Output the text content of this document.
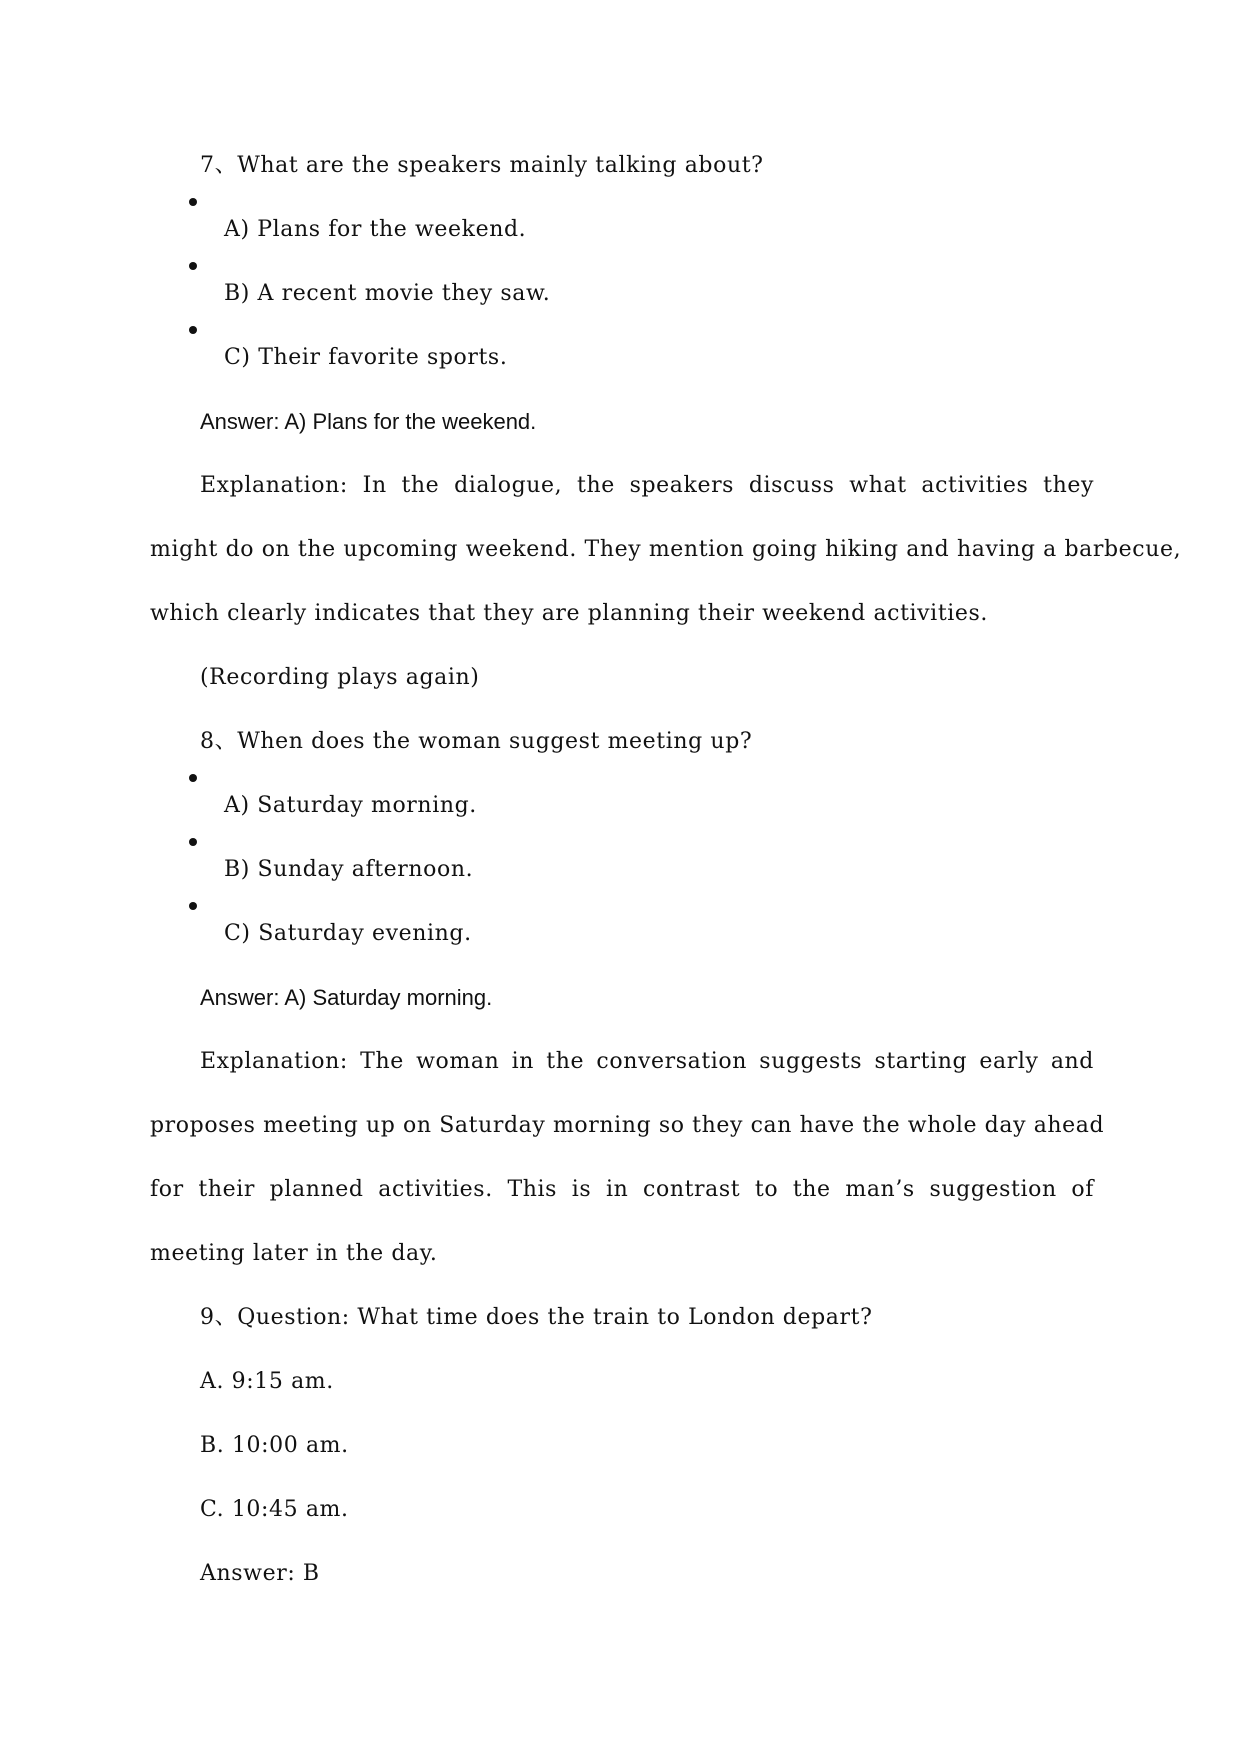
7、What are the speakers mainly talking about?
A) Plans for the weekend.
B) A recent movie they saw.
C) Their favorite sports.
Answer: A) Plans for the weekend.
Explanation: In the dialogue, the speakers discuss what activities they
might do on the upcoming weekend. They mention going hiking and having a barbecue,
which clearly indicates that they are planning their weekend activities.
(Recording plays again)
8、When does the woman suggest meeting up?
A) Saturday morning.
B) Sunday afternoon.
C) Saturday evening.
Answer: A) Saturday morning.
Explanation: The woman in the conversation suggests starting early and
proposes meeting up on Saturday morning so they can have the whole day ahead
for their planned activities. This is in contrast to the man’s suggestion of
meeting later in the day.
9、Question: What time does the train to London depart?
A. 9:15 am.
B. 10:00 am.
C. 10:45 am.
Answer: B
